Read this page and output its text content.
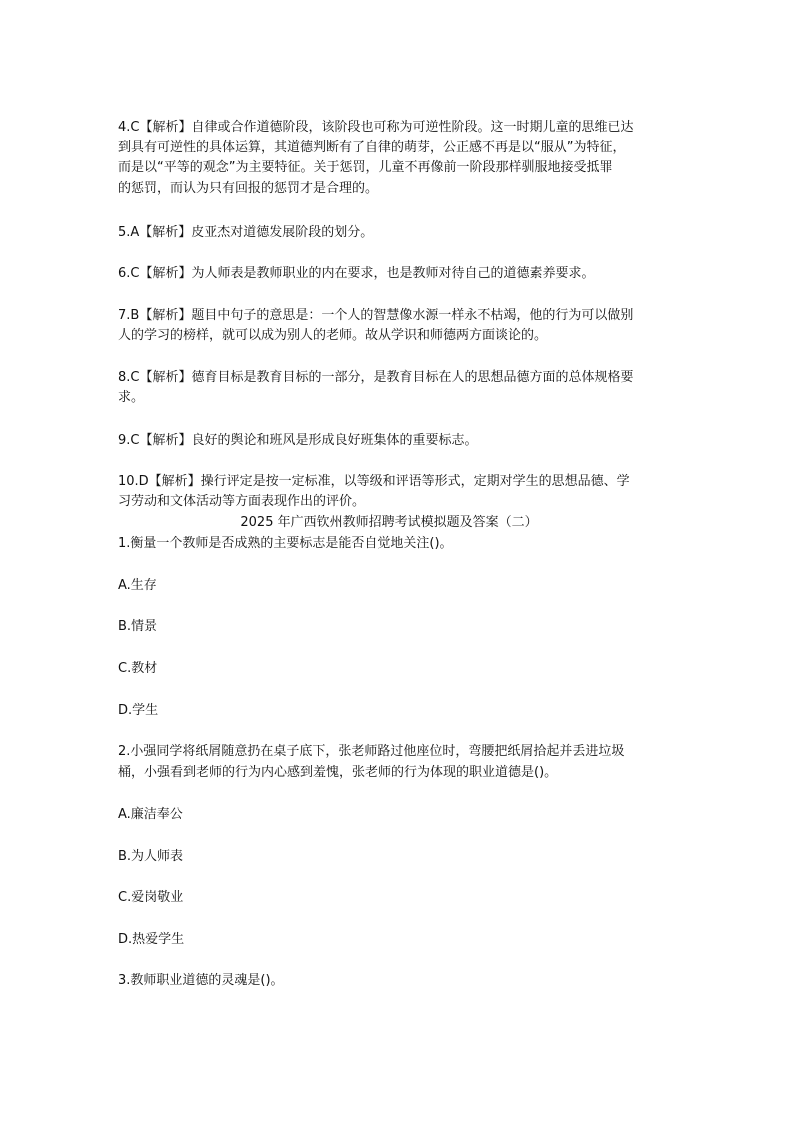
4.C【解析】自律或合作道德阶段，该阶段也可称为可逆性阶段。这一时期儿童的思维已达
到具有可逆性的具体运算，其道德判断有了自律的萌芽，公正感不再是以“服从”为特征，
而是以“平等的观念”为主要特征。关于惩罚，儿童不再像前一阶段那样驯服地接受抵罪
的惩罚，而认为只有回报的惩罚才是合理的。
5.A【解析】皮亚杰对道德发展阶段的划分。
6.C【解析】为人师表是教师职业的内在要求，也是教师对待自己的道德素养要求。
7.B【解析】题目中句子的意思是：一个人的智慧像水源一样永不枯竭，他的行为可以做别
人的学习的榜样，就可以成为别人的老师。故从学识和师德两方面谈论的。
8.C【解析】德育目标是教育目标的一部分，是教育目标在人的思想品德方面的总体规格要
求。
9.C【解析】良好的舆论和班风是形成良好班集体的重要标志。
10.D【解析】操行评定是按一定标准，以等级和评语等形式，定期对学生的思想品德、学
习劳动和文体活动等方面表现作出的评价。
2025 年广西钦州教师招聘考试模拟题及答案（二）
1.衡量一个教师是否成熟的主要标志是能否自觉地关注()。
A.生存
B.情景
C.教材
D.学生
2.小强同学将纸屑随意扔在桌子底下，张老师路过他座位时，弯腰把纸屑拾起并丢进垃圾
桶，小强看到老师的行为内心感到羞愧，张老师的行为体现的职业道德是()。
A.廉洁奉公
B.为人师表
C.爱岗敬业
D.热爱学生
3.教师职业道德的灵魂是()。
